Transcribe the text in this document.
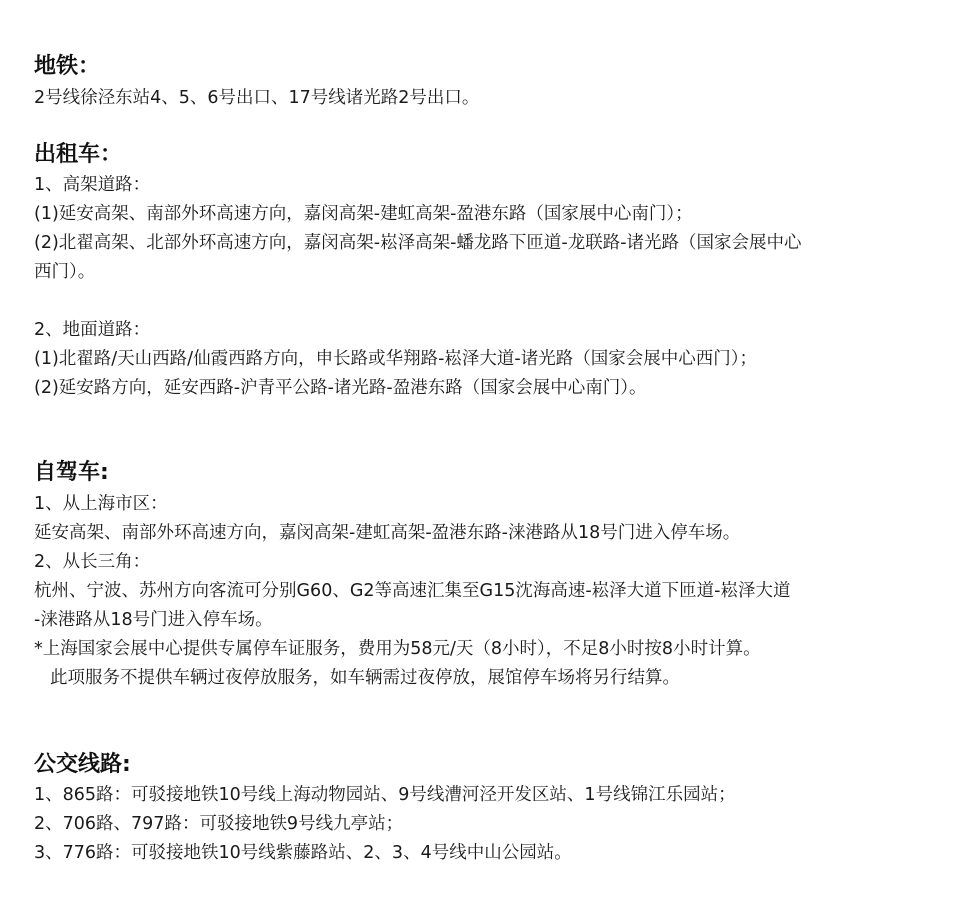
地铁：

2号线徐泾东站4、5、6号出口、17号线诸光路2号出口。

出租车：

1、高架道路：

(1)延安高架、南部外环高速方向，嘉闵高架-建虹高架-盈港东路（国家展中心南门）；

(2)北翟高架、北部外环高速方向，嘉闵高架-崧泽高架-蟠龙路下匝道-龙联路-诸光路（国家会展中心

西门）。

2、地面道路：

(1)北翟路/天山西路/仙霞西路方向，申长路或华翔路-崧泽大道-诸光路（国家会展中心西门）；

(2)延安路方向，延安西路-沪青平公路-诸光路-盈港东路（国家会展中心南门）。

自驾车:

1、从上海市区：

延安高架、南部外环高速方向，嘉闵高架-建虹高架-盈港东路-涞港路从18号门进入停车场。

2、从长三角：

杭州、宁波、苏州方向客流可分别G60、G2等高速汇集至G15沈海高速-崧泽大道下匝道-崧泽大道

-涞港路从18号门进入停车场。

*上海国家会展中心提供专属停车证服务，费用为58元/天（8小时），不足8小时按8小时计算。

此项服务不提供车辆过夜停放服务，如车辆需过夜停放，展馆停车场将另行结算。

公交线路:

1、865路：可驳接地铁10号线上海动物园站、9号线漕河泾开发区站、1号线锦江乐园站；

2、706路、797路：可驳接地铁9号线九亭站；

3、776路：可驳接地铁10号线紫藤路站、2、3、4号线中山公园站。
